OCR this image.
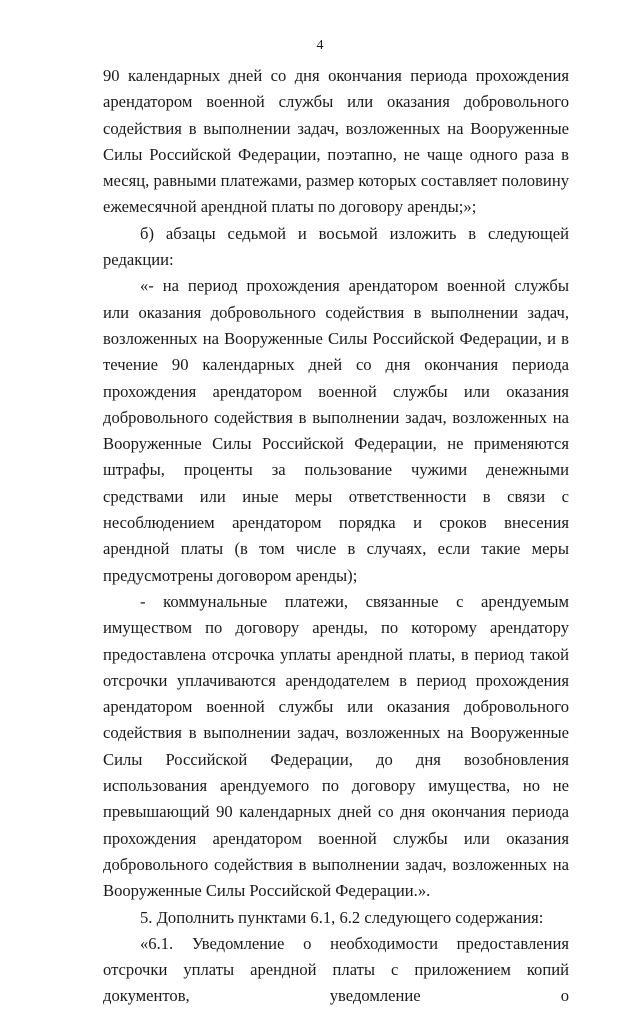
4

90 календарных дней со дня окончания периода прохождения арендатором военной службы или оказания добровольного содействия в выполнении задач, возложенных на Вооруженные Силы Российской Федерации, поэтапно, не чаще одного раза в месяц, равными платежами, размер которых составляет половину ежемесячной арендной платы по договору аренды;»;

б) абзацы седьмой и восьмой изложить в следующей редакции:

«- на период прохождения арендатором военной службы или оказания добровольного содействия в выполнении задач, возложенных на Вооруженные Силы Российской Федерации, и в течение 90 календарных дней со дня окончания периода прохождения арендатором военной службы или оказания добровольного содействия в выполнении задач, возложенных на Вооруженные Силы Российской Федерации, не применяются штрафы, проценты за пользование чужими денежными средствами или иные меры ответственности в связи с несоблюдением арендатором порядка и сроков внесения арендной платы (в том числе в случаях, если такие меры предусмотрены договором аренды);

- коммунальные платежи, связанные с арендуемым имуществом по договору аренды, по которому арендатору предоставлена отсрочка уплаты арендной платы, в период такой отсрочки уплачиваются арендодателем в период прохождения арендатором военной службы или оказания добровольного содействия в выполнении задач, возложенных на Вооруженные Силы Российской Федерации, до дня возобновления использования арендуемого по договору имущества, но не превышающий 90 календарных дней со дня окончания периода прохождения арендатором военной службы или оказания добровольного содействия в выполнении задач, возложенных на Вооруженные Силы Российской Федерации.».

5. Дополнить пунктами 6.1, 6.2 следующего содержания:

«6.1. Уведомление о необходимости предоставления отсрочки уплаты арендной платы с приложением копий документов, уведомление о
